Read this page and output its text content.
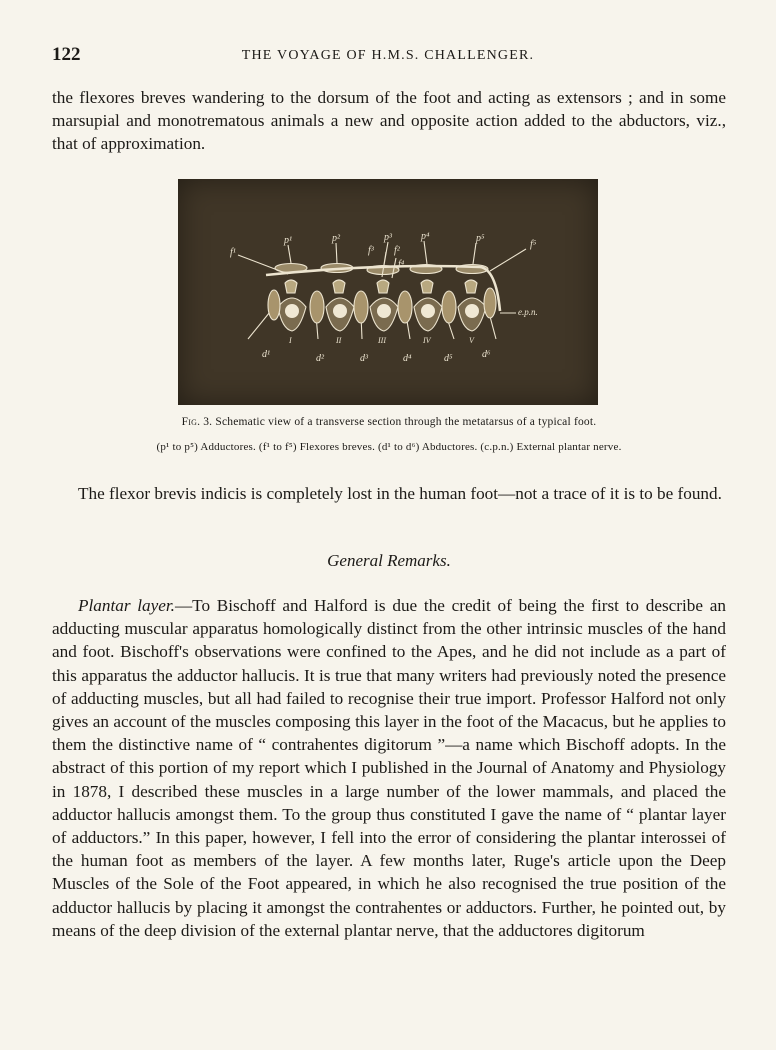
122	THE VOYAGE OF H.M.S. CHALLENGER.

the flexores breves wandering to the dorsum of the foot and acting as extensors ; and in some marsupial and monotrematous animals a new and opposite action added to the abductors, viz., that of approximation.

p¹	p²	p³	p⁴	p⁵
f¹	f²
f³
f⁴
f⁵
d¹	d²	d³	d⁴	d⁵	d⁶
e.p.n.
I	II	III	IV	V
Fig. 3. Schematic view of a transverse section through the metatarsus of a typical foot.
(p¹ to p⁵) Adductores. (f¹ to f⁵) Flexores breves. (d¹ to d⁶) Abductores. (c.p.n.) External plantar nerve.

The flexor brevis indicis is completely lost in the human foot—not a trace of it is to be found.

General Remarks.

Plantar layer.—To Bischoff and Halford is due the credit of being the first to describe an adducting muscular apparatus homologically distinct from the other intrinsic muscles of the hand and foot. Bischoff's observations were confined to the Apes, and he did not include as a part of this apparatus the adductor hallucis. It is true that many writers had previously noted the presence of adducting muscles, but all had failed to recognise their true import. Professor Halford not only gives an account of the muscles composing this layer in the foot of the Macacus, but he applies to them the distinctive name of “ contrahentes digitorum ”—a name which Bischoff adopts. In the abstract of this portion of my report which I published in the Journal of Anatomy and Physiology in 1878, I described these muscles in a large number of the lower mammals, and placed the adductor hallucis amongst them. To the group thus constituted I gave the name of “ plantar layer of adductors.” In this paper, however, I fell into the error of considering the plantar interossei of the human foot as members of the layer. A few months later, Ruge's article upon the Deep Muscles of the Sole of the Foot appeared, in which he also recognised the true position of the adductor hallucis by placing it amongst the contrahentes or adductors. Further, he pointed out, by means of the deep division of the external plantar nerve, that the adductores digitorum
